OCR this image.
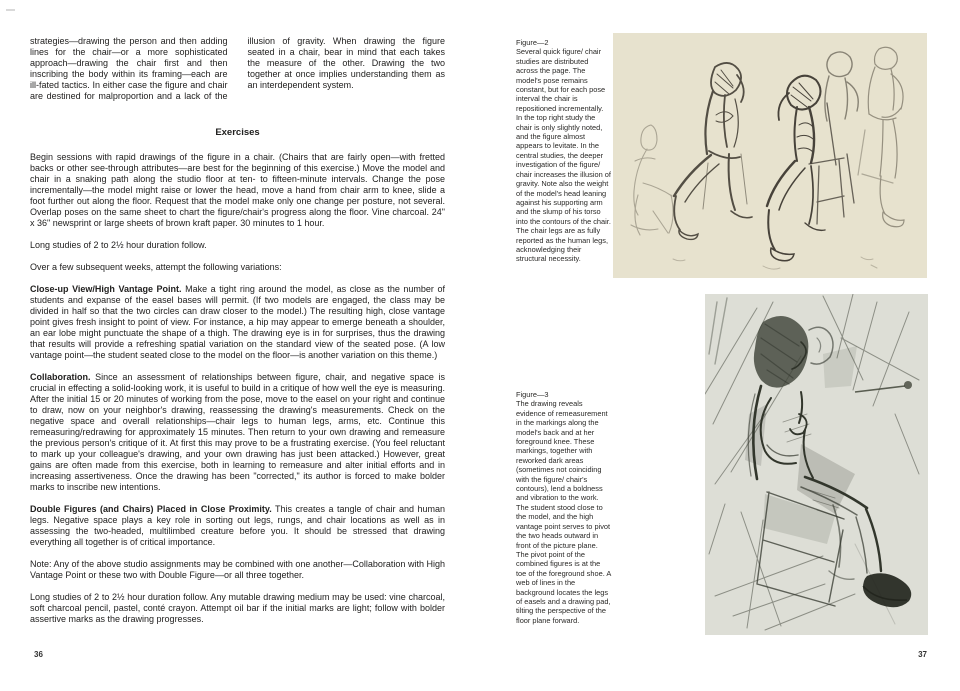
strategies—drawing the person and then adding lines for the chair—or a more sophisticated approach—drawing the chair first and then inscribing the body within its framing—each are ill-fated tactics. In either case the figure and chair are destined for malproportion and a lack of the illusion of gravity. When drawing the figure seated in a chair, bear in mind that each takes the measure of the other. Drawing the two together at once implies understanding them as an interdependent system.
Exercises

Begin sessions with rapid drawings of the figure in a chair. (Chairs that are fairly open—with fretted backs or other see-through attributes—are best for the beginning of this exercise.) Move the model and chair in a snaking path along the studio floor at ten- to fifteen-minute intervals. Change the pose incrementally—the model might raise or lower the head, move a hand from chair arm to knee, slide a foot further out along the floor. Request that the model make only one change per posture, not several. Overlap poses on the same sheet to chart the figure/chair's progress along the floor. Vine charcoal. 24" x 36" newsprint or large sheets of brown kraft paper. 30 minutes to 1 hour.

Long studies of 2 to 2½ hour duration follow.

Over a few subsequent weeks, attempt the following variations:

Close-up View/High Vantage Point. Make a tight ring around the model, as close as the number of students and expanse of the easel bases will permit. (If two models are engaged, the class may be divided in half so that the two circles can draw closer to the model.) The resulting high, close vantage point gives fresh insight to point of view. For instance, a hip may appear to emerge beneath a shoulder, an ear lobe might punctuate the shape of a thigh. The drawing eye is in for surprises, thus the drawing that results will provide a refreshing spatial variation on the standard view of the seated pose. (A low vantage point—the student seated close to the model on the floor—is another variation on this theme.)

Collaboration. Since an assessment of relationships between figure, chair, and negative space is crucial in effecting a solid-looking work, it is useful to build in a critique of how well the eye is measuring. After the initial 15 or 20 minutes of working from the pose, move to the easel on your right and continue to draw, now on your neighbor's drawing, reassessing the drawing's measurements. Check on the negative space and overall relationships—chair legs to human legs, arms, etc. Continue this remeasuring/redrawing for approximately 15 minutes. Then return to your own drawing and remeasure the previous person's critique of it. At first this may prove to be a frustrating exercise. (You feel reluctant to mark up your colleague's drawing, and your own drawing has just been attacked.) However, great gains are often made from this exercise, both in learning to remeasure and alter initial efforts and in increasing assertiveness. Once the drawing has been "corrected," its author is forced to make bolder marks to inscribe new intentions.

Double Figures (and Chairs) Placed in Close Proximity. This creates a tangle of chair and human legs. Negative space plays a key role in sorting out legs, rungs, and chair locations as well as in assessing the two-headed, multilimbed creature before you. It should be stressed that drawing everything all together is of critical importance.

Note: Any of the above studio assignments may be combined with one another—Collaboration with High Vantage Point or these two with Double Figure—or all three together.

Long studies of 2 to 2½ hour duration follow. Any mutable drawing medium may be used: vine charcoal, soft charcoal pencil, pastel, conté crayon. Attempt oil bar if the initial marks are light; follow with bolder assertive marks as the drawing progresses.

36
Figure—2
Several quick figure/ chair studies are distributed across the page. The model's pose remains constant, but for each pose interval the chair is repositioned incrementally. In the top right study the chair is only slightly noted, and the figure almost appears to levitate. In the central studies, the deeper investigation of the figure/ chair increases the illusion of gravity. Note also the weight of the model's head leaning against his supporting arm and the slump of his torso into the contours of the chair. The chair legs are as fully reported as the human legs, acknowledging their structural necessity.
Figure—3
The drawing reveals evidence of remeasurement in the markings along the model's back and at her foreground knee. These markings, together with reworked dark areas (sometimes not coinciding with the figure/ chair's contours), lend a boldness and vibration to the work. The student stood close to the model, and the high vantage point serves to pivot the two heads outward in front of the picture plane. The pivot point of the combined figures is at the toe of the foreground shoe. A web of lines in the background locates the legs of easels and a drawing pad, tilting the perspective of the floor plane forward.
37
